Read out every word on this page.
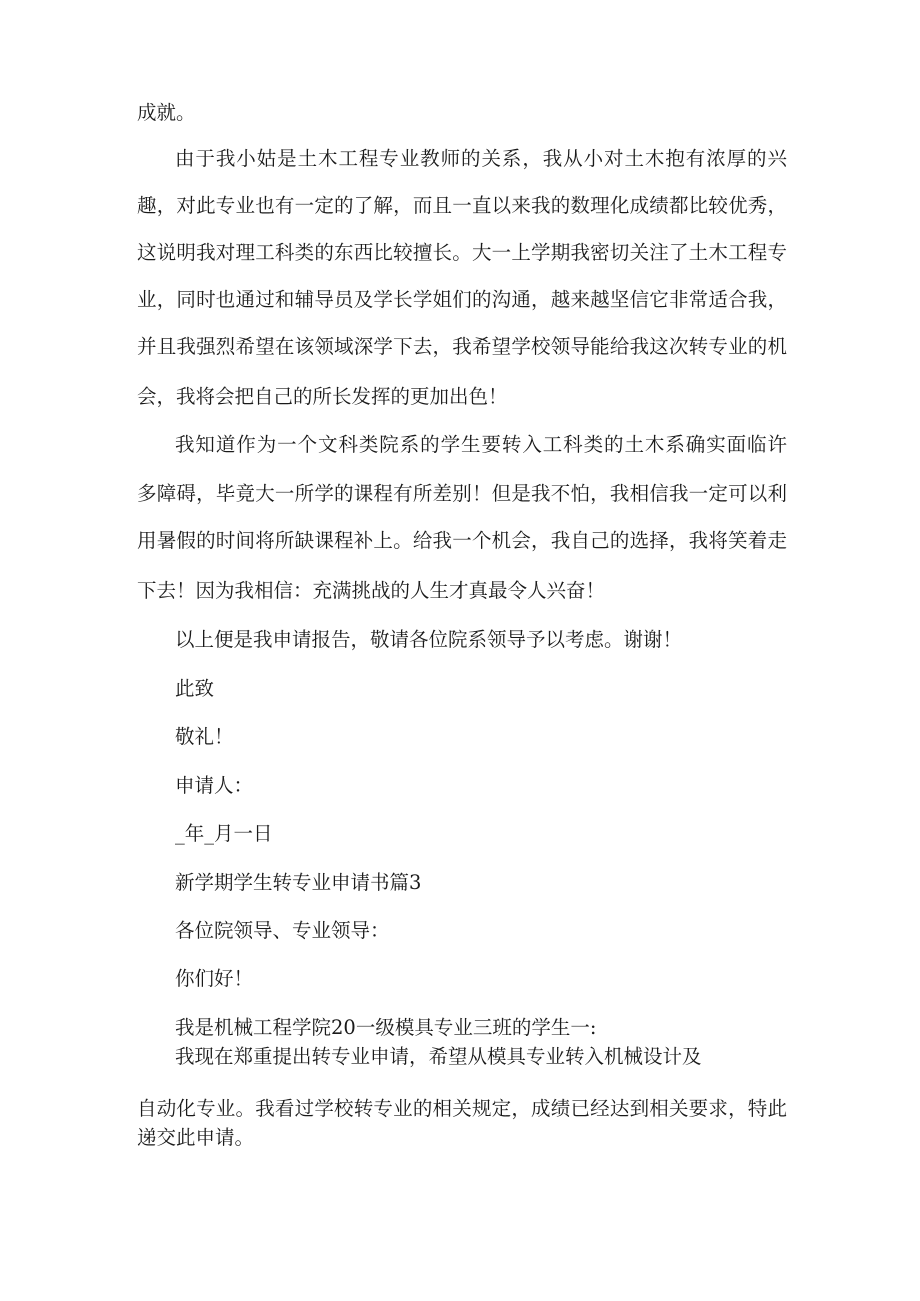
成就。
由于我小姑是土木工程专业教师的关系，我从小对土木抱有浓厚的兴
趣，对此专业也有一定的了解，而且一直以来我的数理化成绩都比较优秀，
这说明我对理工科类的东西比较擅长。大一上学期我密切关注了土木工程专
业，同时也通过和辅导员及学长学姐们的沟通，越来越坚信它非常适合我，
并且我强烈希望在该领域深学下去，我希望学校领导能给我这次转专业的机
会，我将会把自己的所长发挥的更加出色！
我知道作为一个文科类院系的学生要转入工科类的土木系确实面临许
多障碍，毕竟大一所学的课程有所差别！但是我不怕，我相信我一定可以利
用暑假的时间将所缺课程补上。给我一个机会，我自己的选择，我将笑着走
下去！因为我相信：充满挑战的人生才真最令人兴奋！
以上便是我申请报告，敬请各位院系领导予以考虑。谢谢！
此致
敬礼！
申请人：
_年_月一日
新学期学生转专业申请书篇3
各位院领导、专业领导：
你们好！
我是机械工程学院20一级模具专业三班的学生一:
我现在郑重提出转专业申请，希望从模具专业转入机械设计及
自动化专业。我看过学校转专业的相关规定，成绩已经达到相关要求，特此
递交此申请。
